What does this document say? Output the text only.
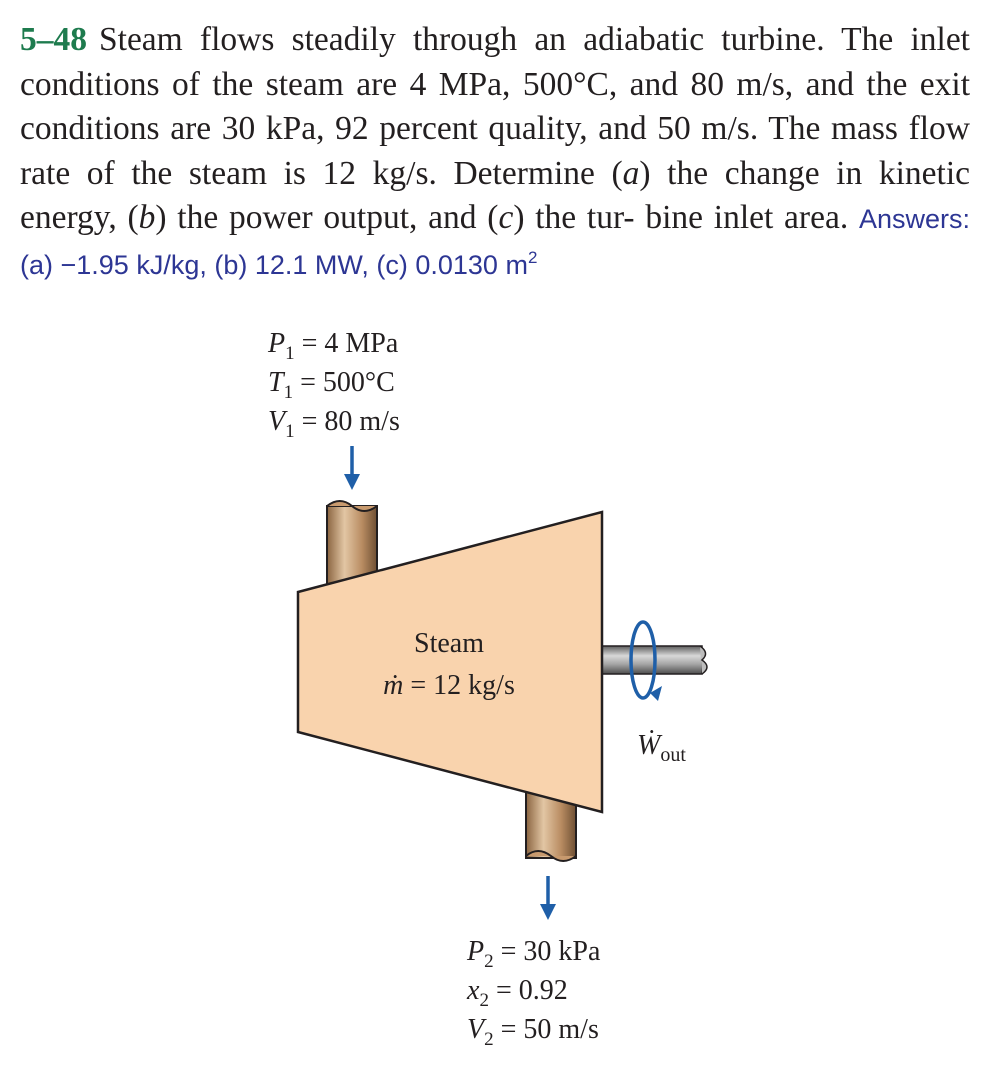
5–48 Steam flows steadily through an adiabatic turbine. The inlet conditions of the steam are 4 MPa, 500°C, and 80 m/s, and the exit conditions are 30 kPa, 92 percent quality, and 50 m/s. The mass flow rate of the steam is 12 kg/s. Determine (a) the change in kinetic energy, (b) the power output, and (c) the tur- bine inlet area. Answers: (a) −1.95 kJ/kg, (b) 12.1 MW, (c) 0.0130 $m^2$
$P_1 = 4$ MPa
$T_1 = 500^\circ C$
$V_1 = 80$ m/s
Steam
ṁ = 12 kg/s
Ẇ$_{out}$
$P_2 = 30$ kPa
$x_2 = 0.92$
$V_2 = 50$ m/s
